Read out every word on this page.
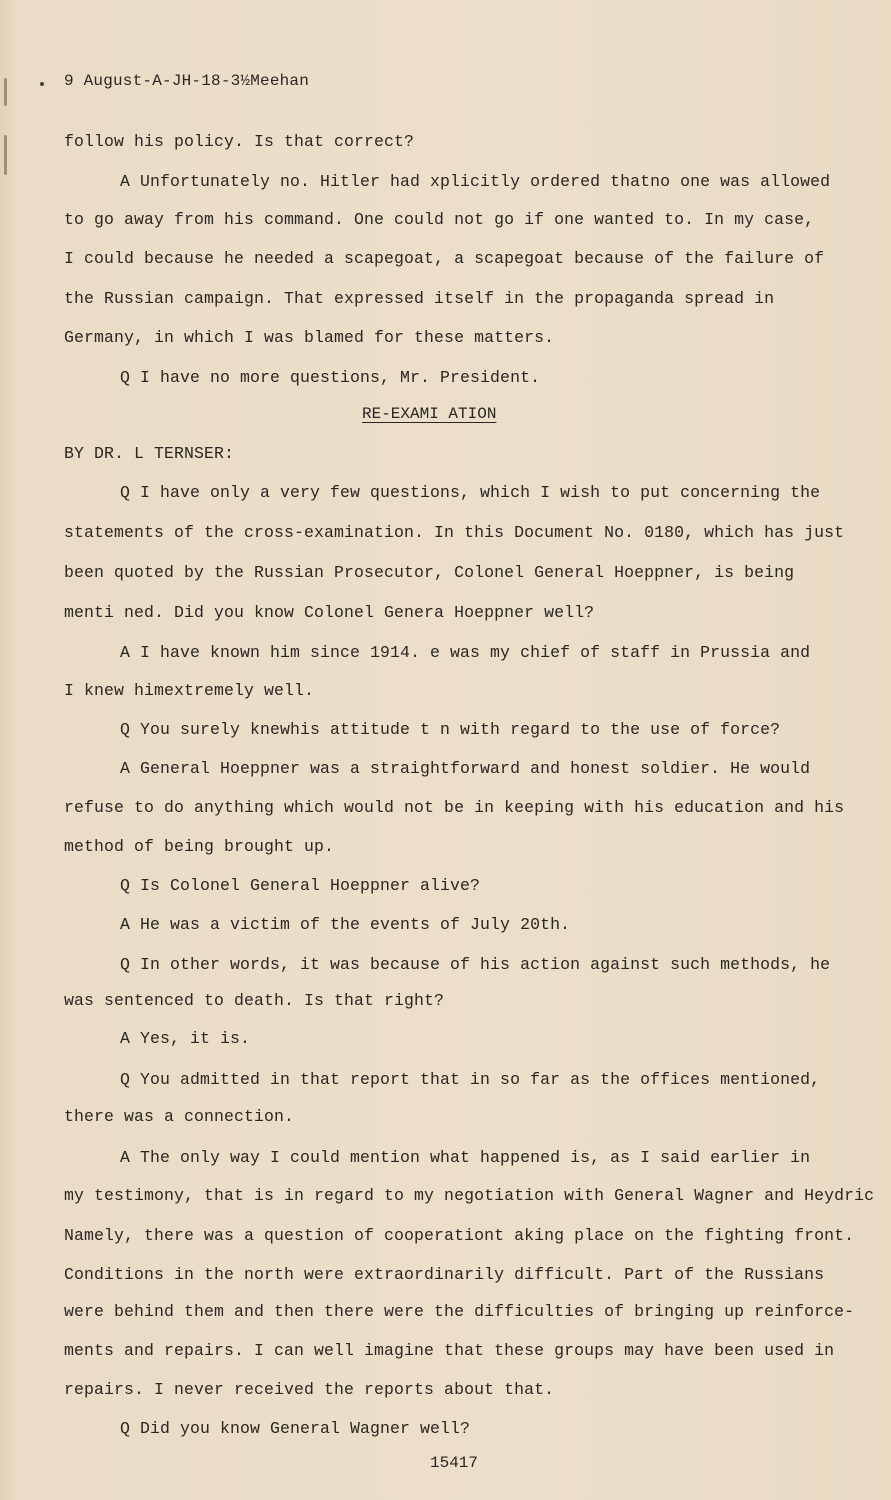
9 August-A-JH-18-3½Meehan
RE-EXAMI ATION
follow his policy. Is that correct?
A Unfortunately no. Hitler had xplicitly ordered thatno one was allowed
to go away from his command. One could not go if one wanted to. In my case,
I could because he needed a scapegoat, a scapegoat because of the failure of
the Russian campaign. That expressed itself in the propaganda spread in
Germany, in which I was blamed for these matters.
Q I have no more questions, Mr. President.
BY DR. L TERNSER:
Q I have only a very few questions, which I wish to put concerning the
statements of the cross-examination. In this Document No. 0180, which has just
been quoted by the Russian Prosecutor, Colonel General Hoeppner, is being
menti ned. Did you know Colonel Genera Hoeppner well?
A I have known him since 1914. e was my chief of staff in Prussia and
I knew himextremely well.
Q You surely knewhis attitude t n with regard to the use of force?
A General Hoeppner was a straightforward and honest soldier. He would
refuse to do anything which would not be in keeping with his education and his
method of being brought up.
Q Is Colonel General Hoeppner alive?
A He was a victim of the events of July 20th.
Q In other words, it was because of his action against such methods, he
was sentenced to death. Is that right?
A Yes, it is.
Q You admitted in that report that in so far as the offices mentioned,
there was a connection.
A The only way I could mention what happened is, as I said earlier in
my testimony, that is in regard to my negotiation with General Wagner and Heydric
Namely, there was a question of cooperationt aking place on the fighting front.
Conditions in the north were extraordinarily difficult. Part of the Russians
were behind them and then there were the difficulties of bringing up reinforce-
ments and repairs. I can well imagine that these groups may have been used in
repairs. I never received the reports about that.
Q Did you know General Wagner well?
15417
